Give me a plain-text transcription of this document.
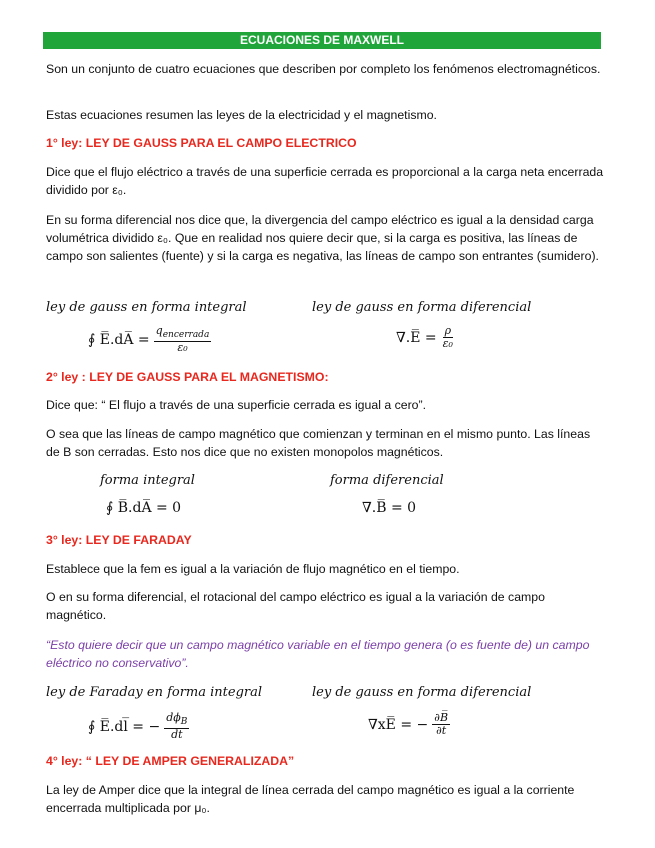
ECUACIONES DE MAXWELL
Son un conjunto de cuatro ecuaciones que describen por completo los fenómenos electromagnéticos.
Estas ecuaciones resumen las leyes de la electricidad y el magnetismo.
1° ley: LEY DE GAUSS PARA EL CAMPO ELECTRICO
Dice que el flujo eléctrico a través de una superficie cerrada es proporcional a la carga neta encerrada dividido por ε₀.
En su forma diferencial nos dice que, la divergencia del campo eléctrico es igual a la densidad carga volumétrica dividido ε₀. Que en realidad nos quiere decir que, si la carga es positiva, las líneas de campo son salientes (fuente) y si la carga es negativa, las líneas de campo son entrantes (sumidero).
ley de gauss en forma integral	ley de gauss en forma diferencial
∮ E̅.dA̅ = $\frac{q_{encerrada}}{\text{ε₀}}$	∇.E̅ = $\frac{\rho}{\text{ε₀}}$
2° ley : LEY DE GAUSS PARA EL MAGNETISMO:
Dice que: “ El flujo a través de una superficie cerrada es igual a cero”.
O sea que las líneas de campo magnético que comienzan y terminan en el mismo punto. Las líneas de B son cerradas. Esto nos dice que no existen monopolos magnéticos.
forma integral	forma diferencial
∮ B̅.dA̅ = 0	∇.B̅ = 0
3° ley: LEY DE FARADAY
Establece que la fem es igual a la variación de flujo magnético en el tiempo.
O en su forma diferencial, el rotacional del campo eléctrico es igual a la variación de campo magnético.
“Esto quiere decir que un campo magnético variable en el tiempo genera (o es fuente de) un campo eléctrico no conservativo”.
ley de Faraday en forma integral	ley de gauss en forma diferencial
∮ E̅.dl̅ = − $\frac{d\phi_B}{dt}$	∇xE̅ = − $\frac{\partial B̅}{\partial t}$
4° ley: “ LEY DE AMPER GENERALIZADA”
La ley de Amper dice que la integral de línea cerrada del campo magnético es igual a la corriente encerrada multiplicada por μ₀.
